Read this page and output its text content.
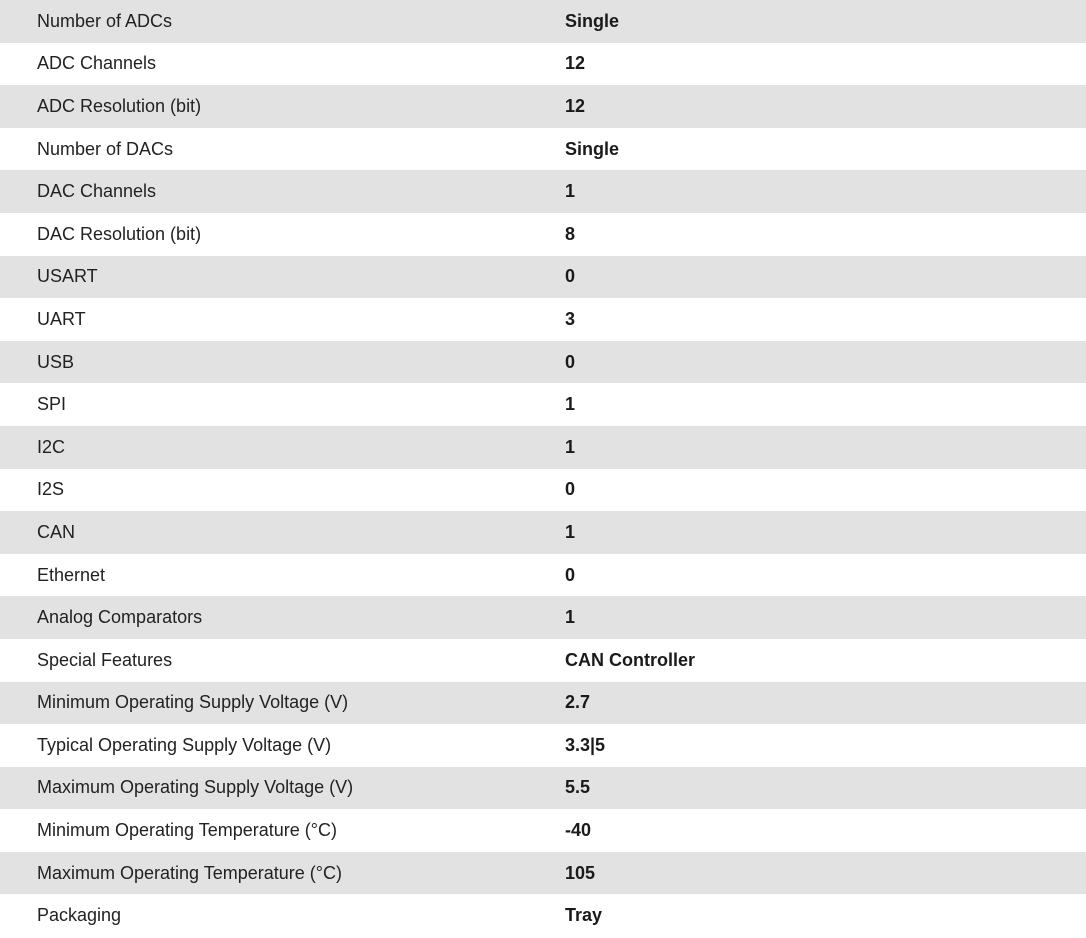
Number of ADCs	Single
ADC Channels	12
ADC Resolution (bit)	12
Number of DACs	Single
DAC Channels	1
DAC Resolution (bit)	8
USART	0
UART	3
USB	0
SPI	1
I2C	1
I2S	0
CAN	1
Ethernet	0
Analog Comparators	1
Special Features	CAN Controller
Minimum Operating Supply Voltage (V)	2.7
Typical Operating Supply Voltage (V)	3.3|5
Maximum Operating Supply Voltage (V)	5.5
Minimum Operating Temperature (°C)	-40
Maximum Operating Temperature (°C)	105
Packaging	Tray
